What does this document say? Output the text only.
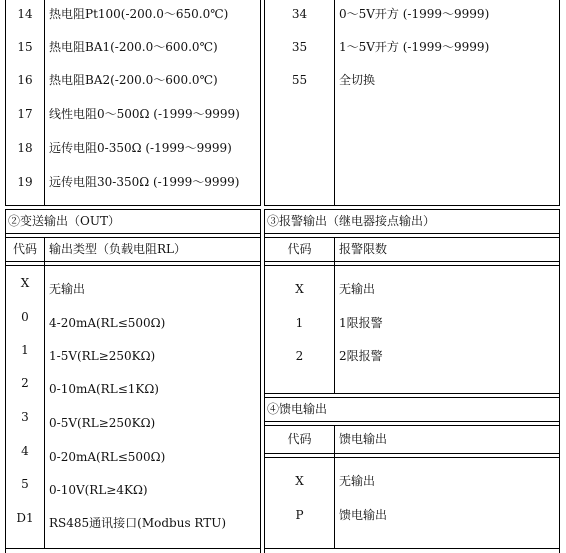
14	热电阻Pt100(-200.0～650.0℃)
15	热电阻BA1(-200.0～600.0℃)
16	热电阻BA2(-200.0～600.0℃)
17	线性电阻0～500Ω (-1999～9999)
18	远传电阻0-350Ω (-1999～9999)
19	远传电阻30-350Ω (-1999～9999)
34	0～5V开方 (-1999～9999)
35	1～5V开方 (-1999～9999)
55	全切换
②变送输出（OUT）
代码	输出类型（负载电阻RL）
X	无输出
0	4-20mA(RL≤500Ω)
1	1-5V(RL≥250KΩ)
2	0-10mA(RL≤1KΩ)
3	0-5V(RL≥250KΩ)
4	0-20mA(RL≤500Ω)
5	0-10V(RL≥4KΩ)
D1	RS485通讯接口(Modbus RTU)
③报警输出（继电器接点输出）
代码	报警限数
X	无输出
1	1限报警
2	2限报警
④馈电输出
代码	馈电输出
X	无输出
P	馈电输出
